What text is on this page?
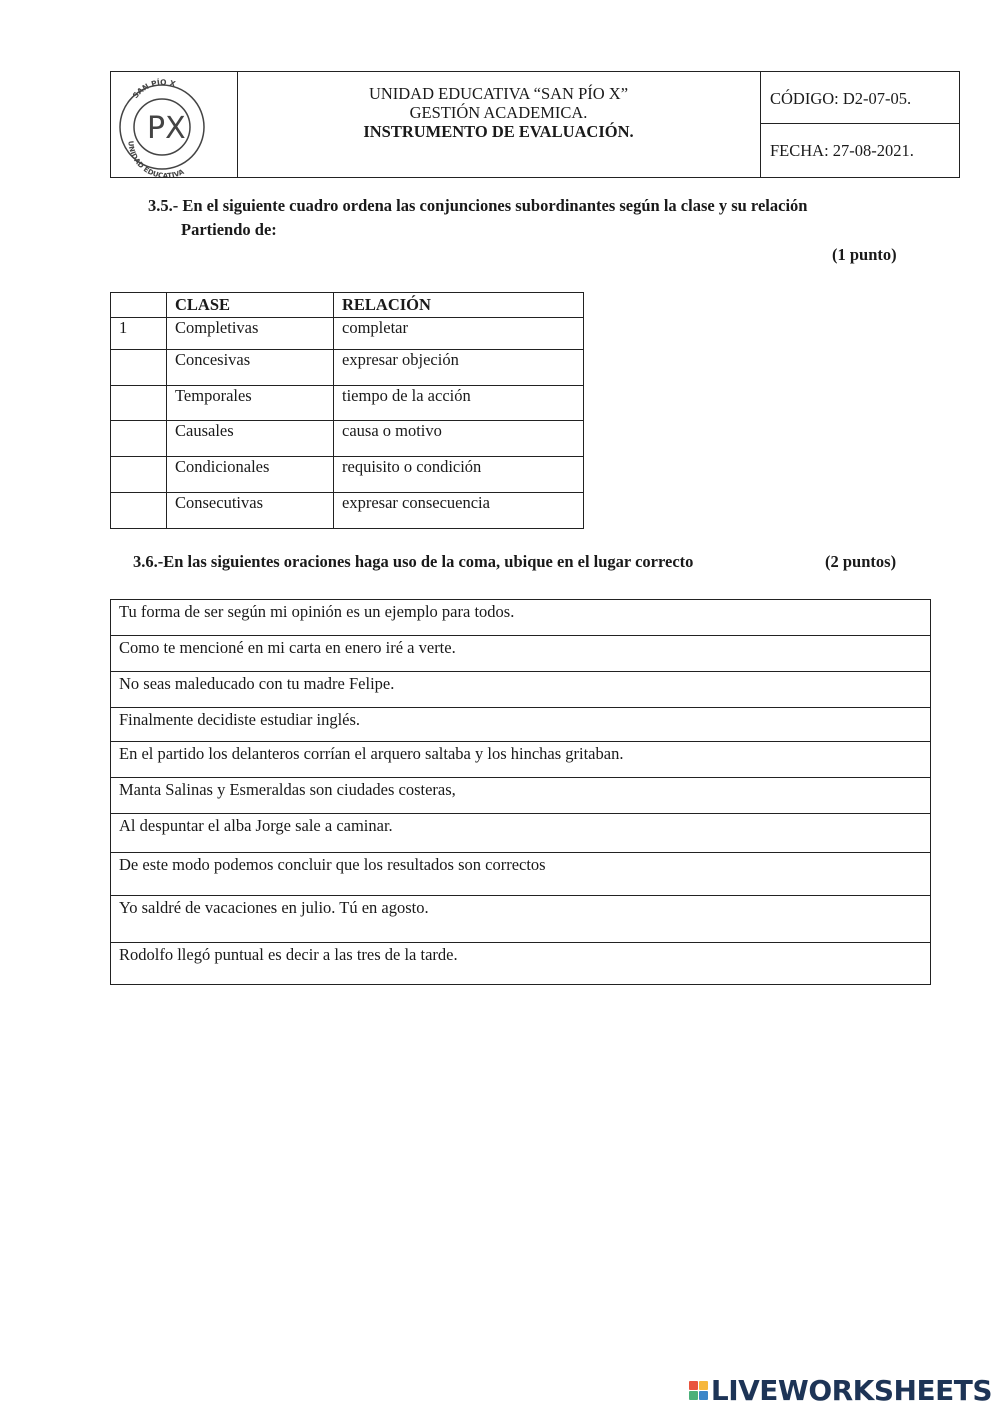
SAN PÍO X
UNIDAD EDUCATIVA
PX
UNIDAD EDUCATIVA “SAN PÍO X”
GESTIÓN ACADEMICA.
INSTRUMENTO DE EVALUACIÓN.
CÓDIGO: D2-07-05.
FECHA: 27-08-2021.
3.5.- En el siguiente cuadro ordena las conjunciones subordinantes según la clase y su relación
Partiendo de:
(1 punto)
	CLASE	RELACIÓN
1	Completivas	completar
	Concesivas	expresar objeción
	Temporales	tiempo de la acción
	Causales	causa o motivo
	Condicionales	requisito o condición
	Consecutivas	expresar consecuencia
3.6.-En las siguientes oraciones haga uso de la coma, ubique en el lugar correcto	(2 puntos)
Tu forma de ser según mi opinión es un ejemplo para todos.
Como te mencioné en mi carta en enero iré a verte.
No seas maleducado con tu madre Felipe.
Finalmente decidiste estudiar inglés.
En el partido los delanteros corrían el arquero saltaba y los hinchas gritaban.
Manta Salinas y Esmeraldas son ciudades costeras,
Al despuntar el alba Jorge sale a caminar.
De este modo podemos concluir que los resultados son correctos
Yo saldré de vacaciones en julio. Tú en agosto.
Rodolfo llegó puntual es decir a las tres de la tarde.
LIVEWORKSHEETS
